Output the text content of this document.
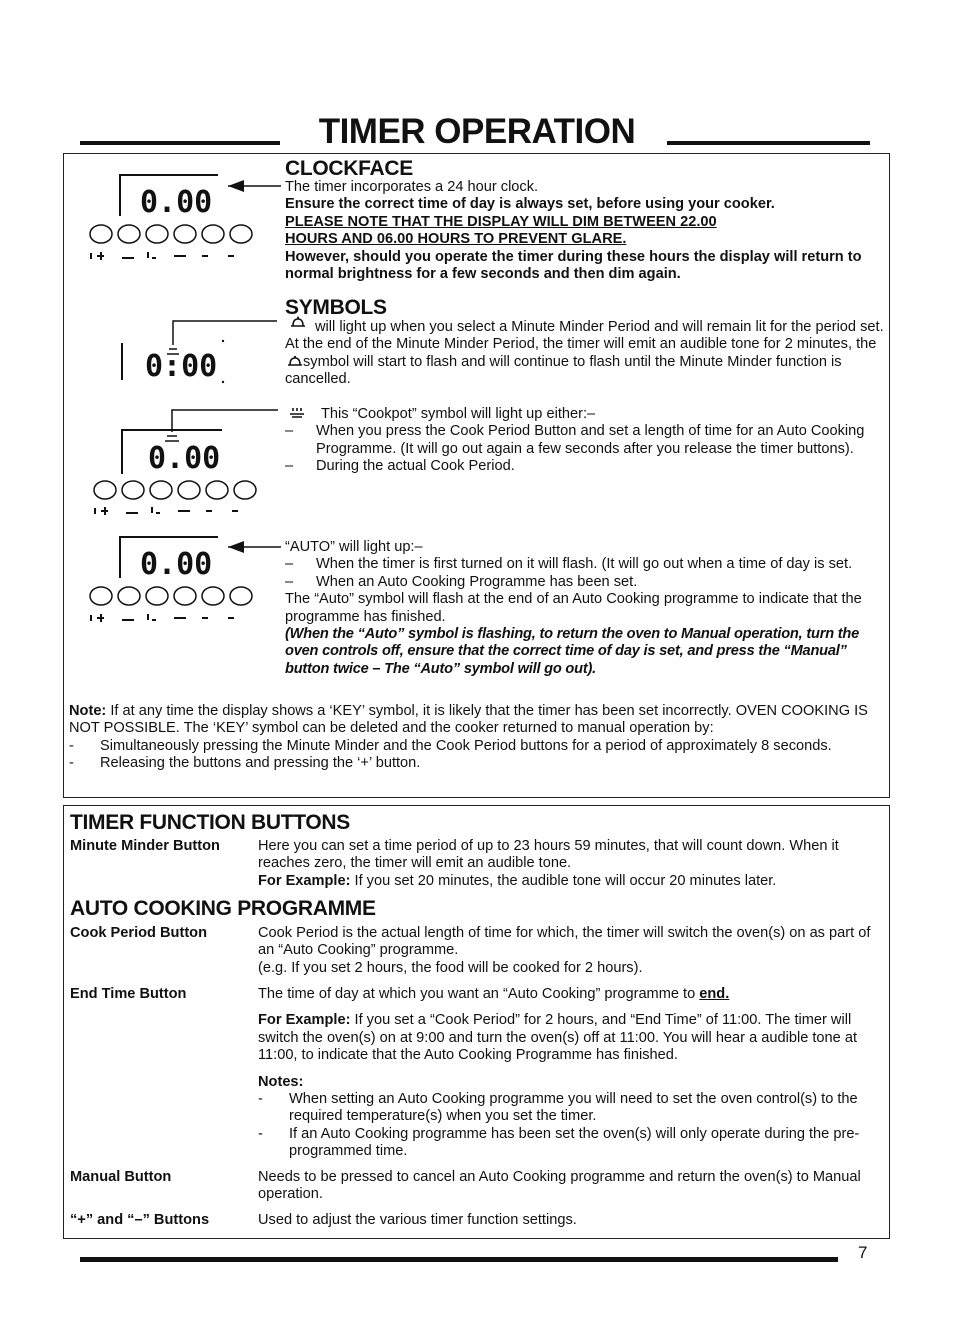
TIMER OPERATION
0.00
CLOCKFACE
The timer incorporates a 24 hour clock.
Ensure the correct time of day is always set, before using your cooker.
PLEASE NOTE THAT THE DISPLAY WILL DIM BETWEEN 22.00
HOURS AND 06.00 HOURS TO PREVENT GLARE.
However, should you operate the timer during these hours the display will return to normal brightness for a few seconds and then dim again.
0:00
SYMBOLS
will light up when you select a Minute Minder Period and will remain lit for the period set. At the end of the Minute Minder Period, the timer will emit an audible tone for 2 minutes, the
symbol will start to flash and will continue to flash until the Minute Minder function is cancelled.
0.00
This “Cookpot” symbol will light up either:–
– When you press the Cook Period Button and set a length of time for an Auto Cooking Programme. (It will go out again a few seconds after you release the timer buttons).
– During the actual Cook Period.
0.00	“AUTO” will light up:–
– When the timer is first turned on it will flash. (It will go out when a time of day is set.
– When an Auto Cooking Programme has been set.
The “Auto” symbol will flash at the end of an Auto Cooking programme to indicate that the programme has finished.
(When the “Auto” symbol is flashing, to return the oven to Manual operation, turn the oven controls off, ensure that the correct time of day is set, and press the “Manual” button twice – The “Auto” symbol will go out).
Note: If at any time the display shows a ‘KEY’ symbol, it is likely that the timer has been set incorrectly. OVEN COOKING IS NOT POSSIBLE. The ‘KEY’ symbol can be deleted and the cooker returned to manual operation by:
- Simultaneously pressing the Minute Minder and the Cook Period buttons for a period of approximately 8 seconds.
- Releasing the buttons and pressing the ‘+’ button.
TIMER FUNCTION BUTTONS
Minute Minder Button	Here you can set a time period of up to 23 hours 59 minutes, that will count down. When it reaches zero, the timer will emit an audible tone.
For Example: If you set 20 minutes, the audible tone will occur 20 minutes later.
AUTO COOKING PROGRAMME
Cook Period Button	Cook Period is the actual length of time for which, the timer will switch the oven(s) on as part of an “Auto Cooking” programme.
(e.g. If you set 2 hours, the food will be cooked for 2 hours).
End Time Button	The time of day at which you want an “Auto Cooking” programme to end.
For Example: If you set a “Cook Period” for 2 hours, and “End Time” of 11:00. The timer will switch the oven(s) on at 9:00 and turn the oven(s) off at 11:00. You will hear a audible tone at 11:00, to indicate that the Auto Cooking Programme has finished.
Notes:
- When setting an Auto Cooking programme you will need to set the oven control(s) to the required temperature(s) when you set the timer.
- If an Auto Cooking programme has been set the oven(s) will only operate during the pre-programmed time.
Manual Button	Needs to be pressed to cancel an Auto Cooking programme and return the oven(s) to Manual operation.
“+” and “–” Buttons	Used to adjust the various timer function settings.
7
